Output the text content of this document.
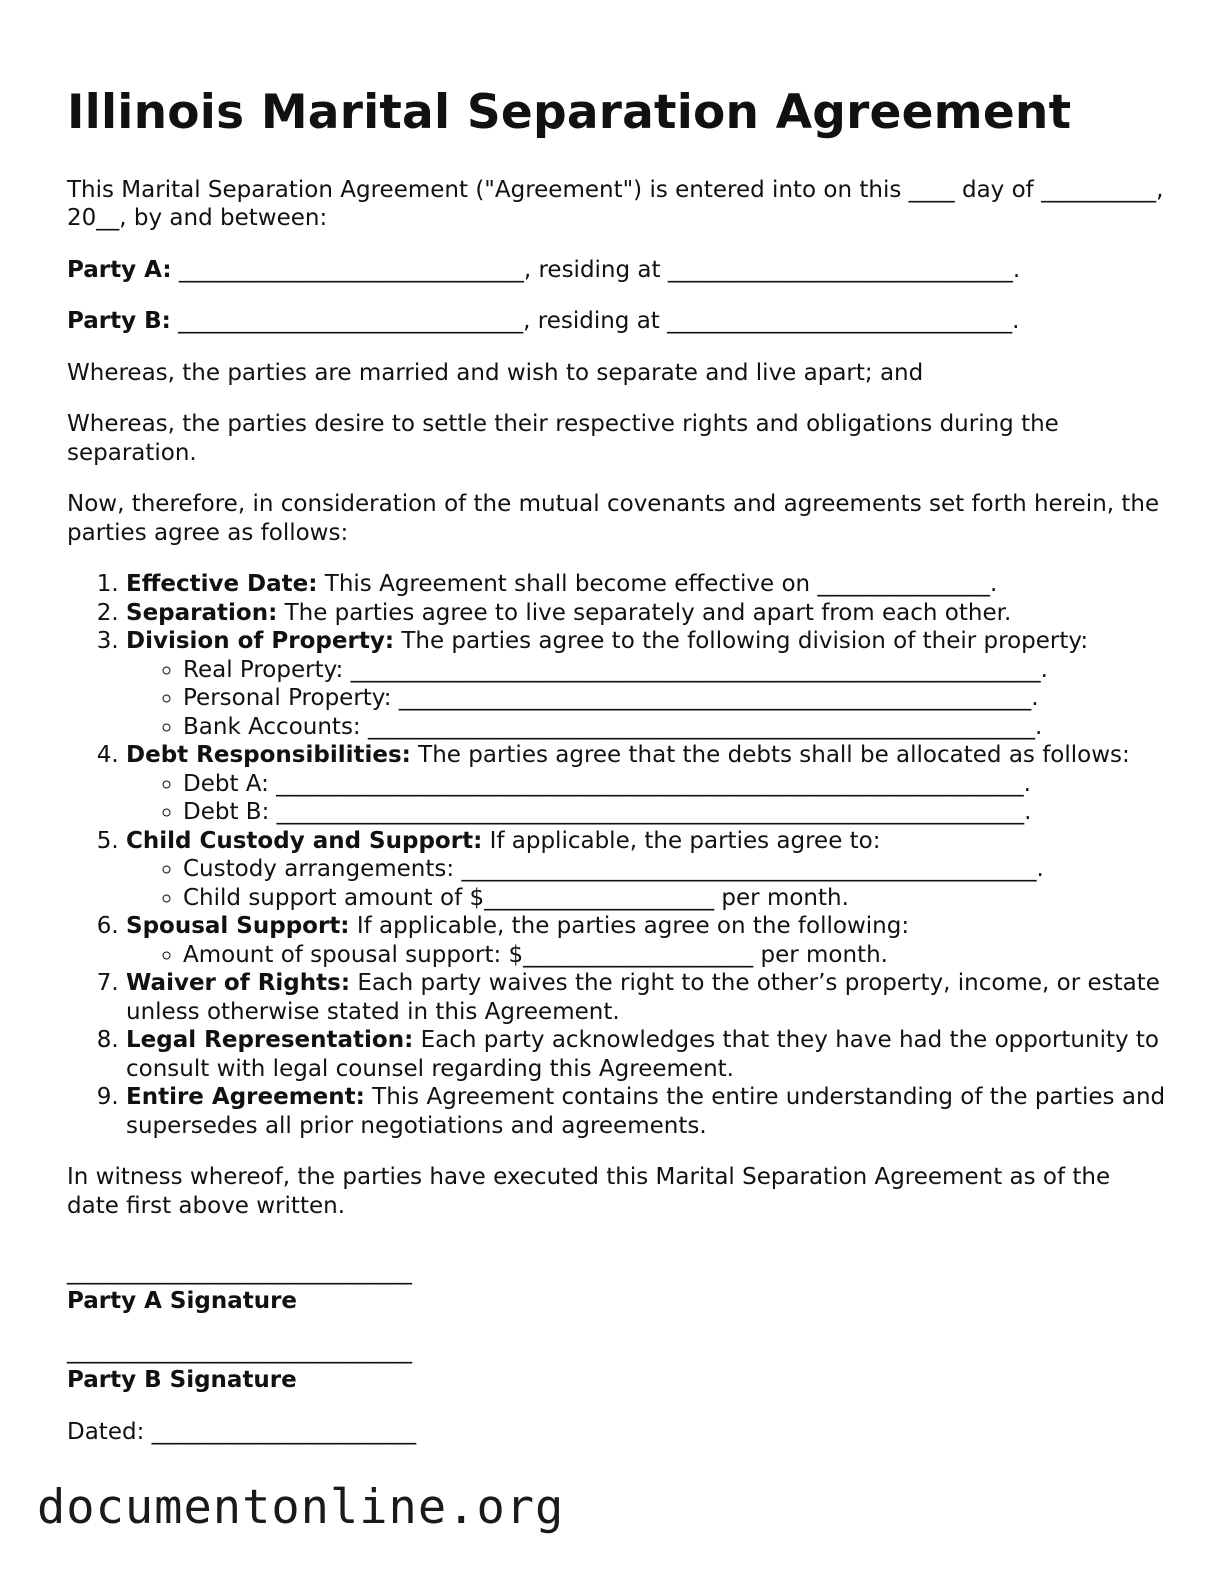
Illinois Marital Separation Agreement

This Marital Separation Agreement ("Agreement") is entered into on this ____ day of __________, 20__, by and between:

Party A: ______________________________, residing at ______________________________.

Party B: ______________________________, residing at ______________________________.

Whereas, the parties are married and wish to separate and live apart; and

Whereas, the parties desire to settle their respective rights and obligations during the separation.

Now, therefore, in consideration of the mutual covenants and agreements set forth herein, the parties agree as follows:

1. Effective Date: This Agreement shall become effective on _______________.
2. Separation: The parties agree to live separately and apart from each other.
3. Division of Property: The parties agree to the following division of their property:
◦ Real Property: ____________________________________________________________.
◦ Personal Property: _______________________________________________________.
◦ Bank Accounts: __________________________________________________________.
4. Debt Responsibilities: The parties agree that the debts shall be allocated as follows:
◦ Debt A: _________________________________________________________________.
◦ Debt B: _________________________________________________________________.
5. Child Custody and Support: If applicable, the parties agree to:
◦ Custody arrangements: __________________________________________________.
◦ Child support amount of $____________________ per month.
6. Spousal Support: If applicable, the parties agree on the following:
◦ Amount of spousal support: $____________________ per month.
7. Waiver of Rights: Each party waives the right to the other’s property, income, or estate unless otherwise stated in this Agreement.
8. Legal Representation: Each party acknowledges that they have had the opportunity to consult with legal counsel regarding this Agreement.
9. Entire Agreement: This Agreement contains the entire understanding of the parties and supersedes all prior negotiations and agreements.

In witness whereof, the parties have executed this Marital Separation Agreement as of the date first above written.

______________________________

Party A Signature

______________________________

Party B Signature

Dated: _______________________

documentonline.org
